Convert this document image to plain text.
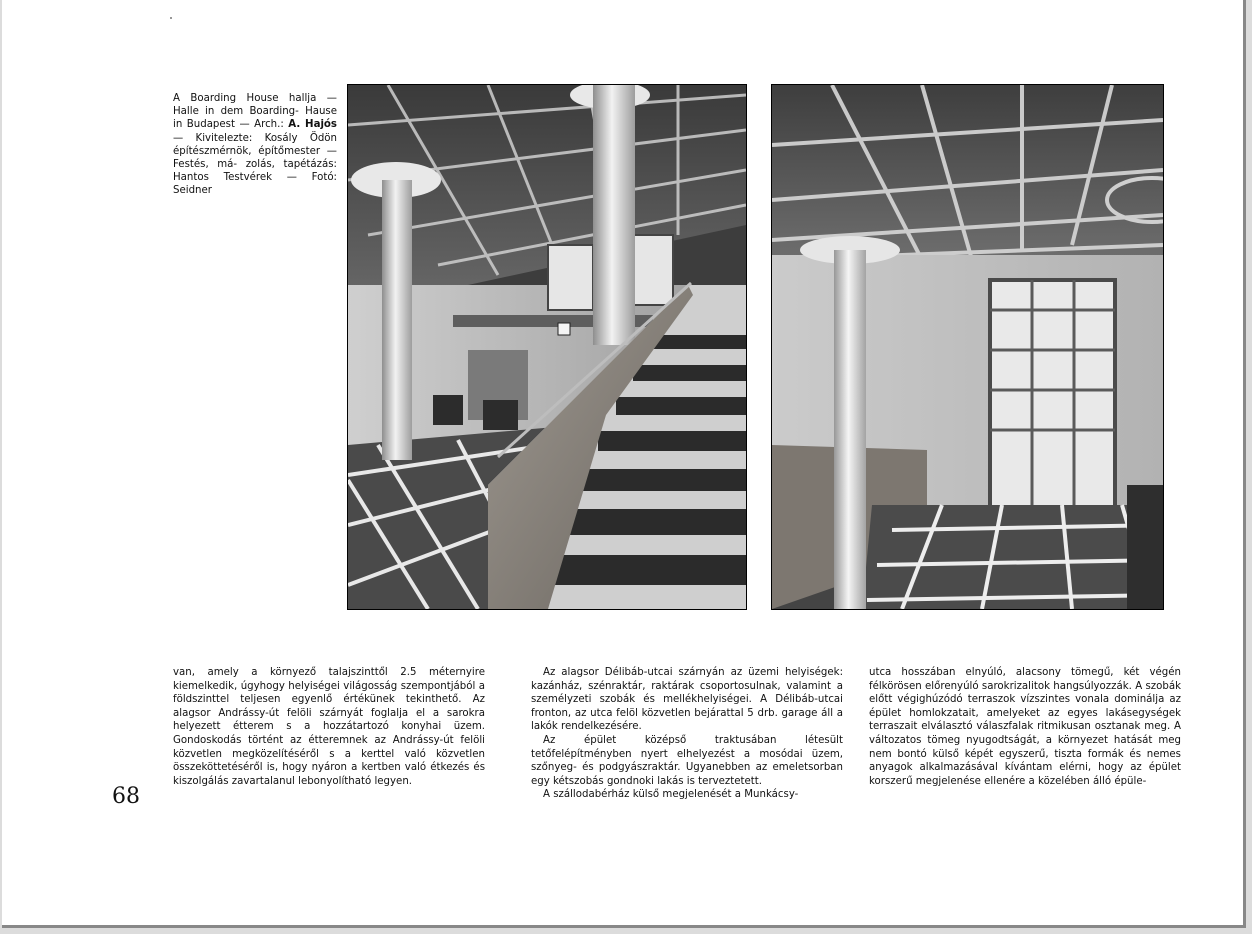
A Boarding House hallja — Halle in dem Boarding- Hause in Budapest — Arch.: A. Hajós — Kivitelezte: Kosály Ödön építészmérnök, építőmester — Festés, má- zolás, tapétázás: Hantos Testvérek — Fotó: Seidner

van, amely a környező talajszinttől 2.5 méternyire kiemelkedik, úgyhogy helyiségei világosság szempontjából a földszinttel teljesen egyenlő értékünek tekinthető. Az alagsor Andrássy-út felöli szárnyát foglalja el a sarokra helyezett étterem s a hozzátartozó konyhai üzem. Gondoskodás történt az étteremnek az Andrássy-út felöli közvetlen megközelítéséről s a kerttel való közvetlen összeköttetéséről is, hogy nyáron a kertben való étkezés és kiszolgálás zavartalanul lebonyolítható legyen.

Az alagsor Délibáb-utcai szárnyán az üzemi helyiségek: kazánház, szénraktár, raktárak csoportosulnak, valamint a személyzeti szobák és mellékhelyiségei. A Délibáb-utcai fronton, az utca felöl közvetlen bejárattal 5 drb. garage áll a lakók rendelkezésére.

Az épület középső traktusában létesült tetőfelépítményben nyert elhelyezést a mosódai üzem, szőnyeg- és podgyászraktár. Ugyanebben az emeletsorban egy kétszobás gondnoki lakás is terveztetett.

A szállodabérház külső megjelenését a Munkácsy-

utca hosszában elnyúló, alacsony tömegű, két végén félkörösen előrenyúló sarokrizalitok hangsúlyozzák. A szobák előtt végighúzódó terraszok vízszintes vonala dominálja az épület homlokzatait, amelyeket az egyes lakásegységek terraszait elválasztó válaszfalak ritmikusan osztanak meg. A változatos tömeg nyugodtságát, a környezet hatását meg nem bontó külső képét egyszerű, tiszta formák és nemes anyagok alkalmazásával kívántam elérni, hogy az épület korszerű megjelenése ellenére a közelében álló épüle-

68
